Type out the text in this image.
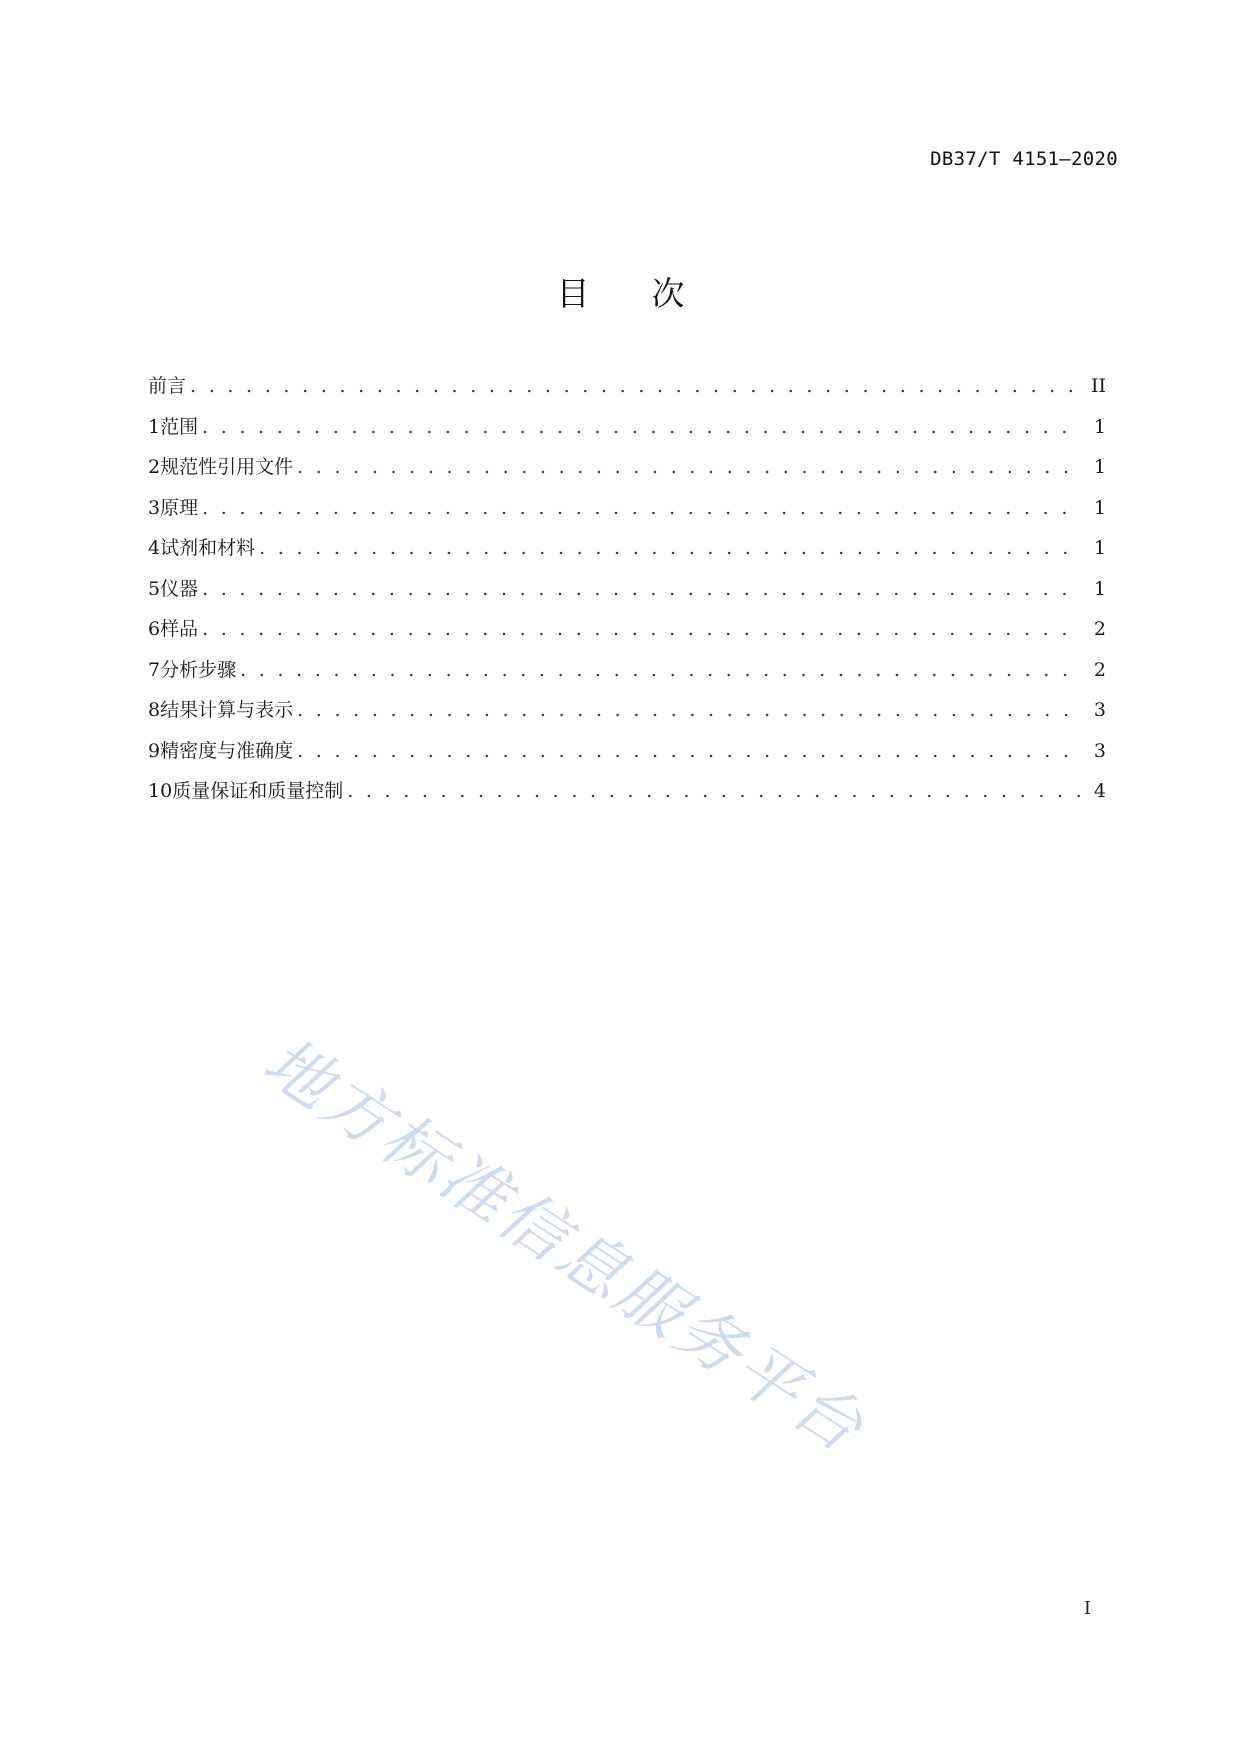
DB37/T 4151—2020
目 次
前言 . . .	II
1 范围 . . .	1
2 规范性引用文件 . . .	1
3 原理 . . .	1
4 试剂和材料 . . .	1
5 仪器 . . .	1
6 样品 . . .	2
7 分析步骤 . . .	2
8 结果计算与表示 . . .	3
9 精密度与准确度 . . .	3
10 质量保证和质量控制 . . .	4
地方标准信息服务平台
I
